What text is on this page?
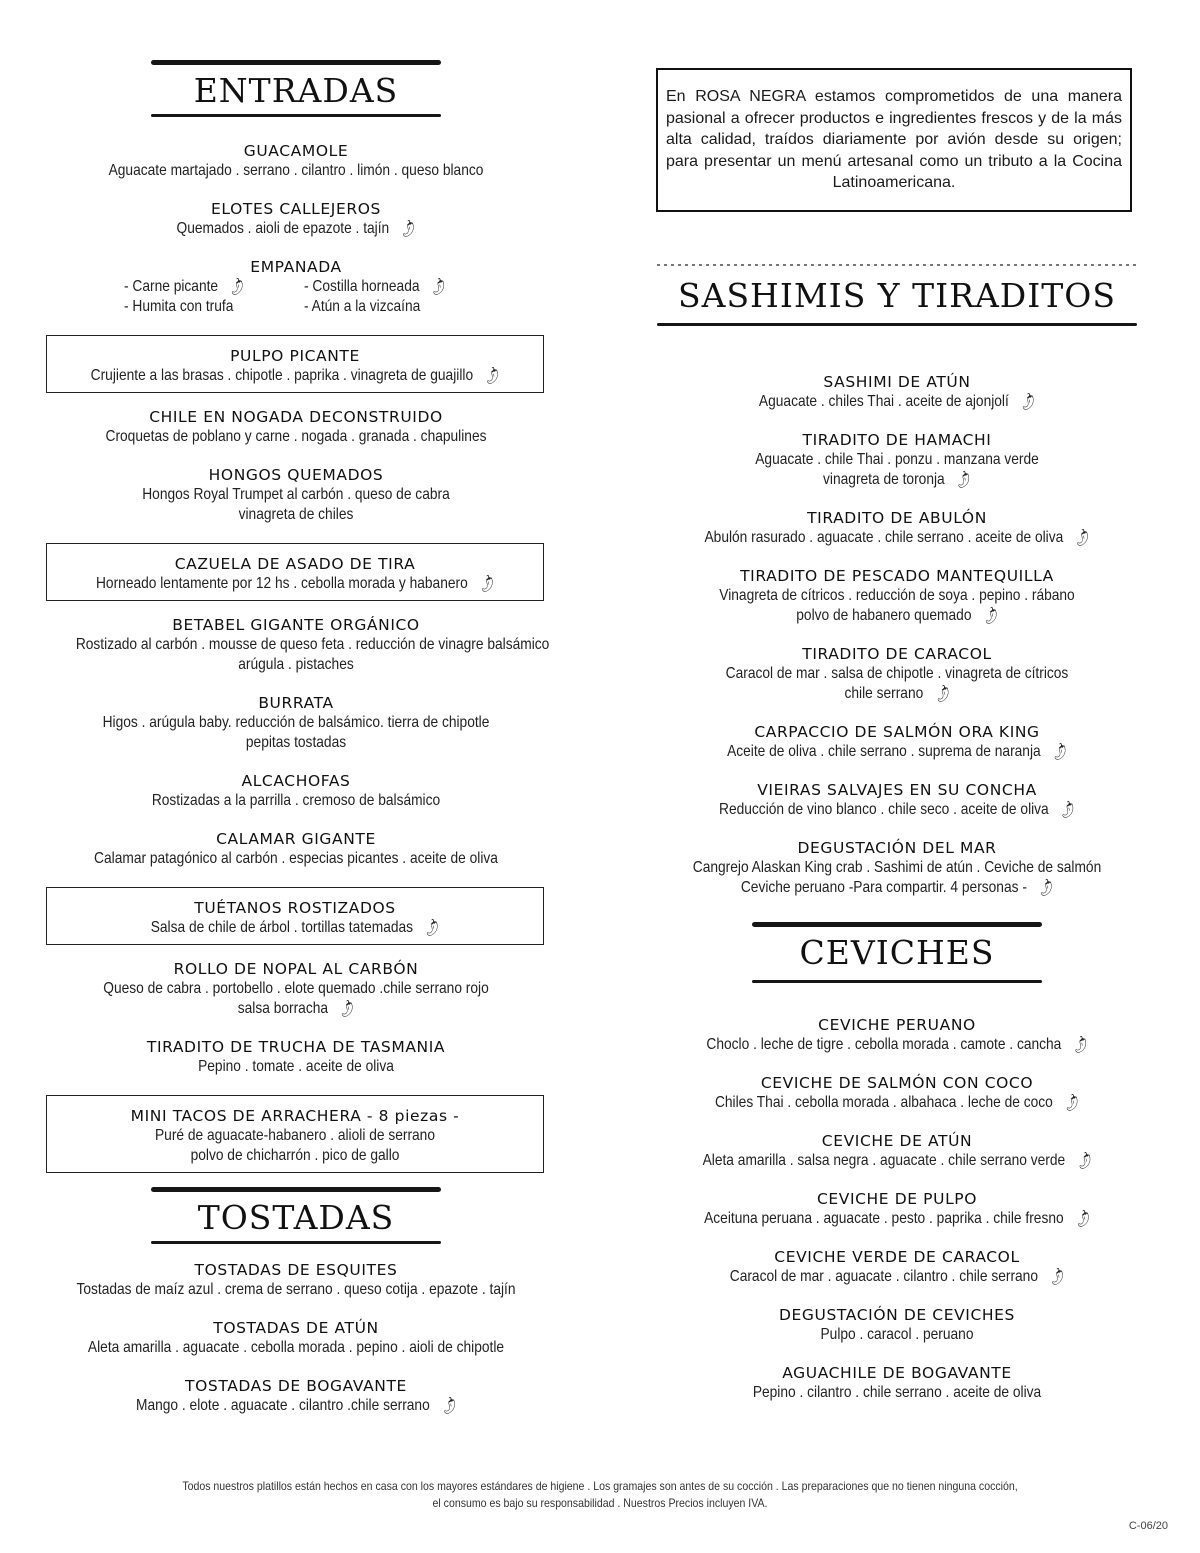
ENTRADAS
GUACAMOLE
Aguacate martajado . serrano . cilantro . limón . queso blanco
ELOTES CALLEJEROS
Quemados . aioli de epazote . tajín 🌶
EMPANADA
- Carne picante 🌶
- Humita con trufa
- Costilla horneada 🌶
- Atún a la vizcaína
PULPO PICANTE
Crujiente a las brasas . chipotle . paprika . vinagreta de guajillo 🌶
CHILE EN NOGADA DECONSTRUIDO
Croquetas de poblano y carne . nogada . granada . chapulines
HONGOS QUEMADOS
Hongos Royal Trumpet al carbón . queso de cabra
vinagreta de chiles
CAZUELA DE ASADO DE TIRA
Horneado lentamente por 12 hs . cebolla morada y habanero 🌶
BETABEL GIGANTE ORGÁNICO
Rostizado al carbón . mousse de queso feta . reducción de vinagre balsámico
arúgula . pistaches
BURRATA
Higos . arúgula baby. reducción de balsámico. tierra de chipotle
pepitas tostadas
ALCACHOFAS
Rostizadas a la parrilla . cremoso de balsámico
CALAMAR GIGANTE
Calamar patagónico al carbón . especias picantes . aceite de oliva
TUÉTANOS ROSTIZADOS
Salsa de chile de árbol . tortillas tatemadas 🌶
ROLLO DE NOPAL AL CARBÓN
Queso de cabra . portobello . elote quemado .chile serrano rojo
salsa borracha 🌶
TIRADITO DE TRUCHA DE TASMANIA
Pepino . tomate . aceite de oliva
MINI TACOS DE ARRACHERA - 8 piezas -
Puré de aguacate-habanero . alioli de serrano
polvo de chicharrón . pico de gallo
TOSTADAS
TOSTADAS DE ESQUITES
Tostadas de maíz azul . crema de serrano . queso cotija . epazote . tajín
TOSTADAS DE ATÚN
Aleta amarilla . aguacate . cebolla morada . pepino . aioli de chipotle
TOSTADAS DE BOGAVANTE
Mango . elote . aguacate . cilantro .chile serrano 🌶
En ROSA NEGRA estamos comprometidos de una manera pasional a ofrecer productos e ingredientes frescos y de la más alta calidad, traídos diariamente por avión desde su origen; para presentar un menú artesanal como un tributo a la Cocina Latinoamericana.
SASHIMIS Y TIRADITOS
SASHIMI DE ATÚN
Aguacate . chiles Thai . aceite de ajonjolí 🌶
TIRADITO DE HAMACHI
Aguacate . chile Thai . ponzu . manzana verde
vinagreta de toronja 🌶
TIRADITO DE ABULÓN
Abulón rasurado . aguacate . chile serrano . aceite de oliva 🌶
TIRADITO DE PESCADO MANTEQUILLA
Vinagreta de cítricos . reducción de soya . pepino . rábano
polvo de habanero quemado 🌶
TIRADITO DE CARACOL
Caracol de mar . salsa de chipotle . vinagreta de cítricos
chile serrano 🌶
CARPACCIO DE SALMÓN ORA KING
Aceite de oliva . chile serrano . suprema de naranja 🌶
VIEIRAS SALVAJES EN SU CONCHA
Reducción de vino blanco . chile seco . aceite de oliva 🌶
DEGUSTACIÓN DEL MAR
Cangrejo Alaskan King crab . Sashimi de atún . Ceviche de salmón
Ceviche peruano -Para compartir. 4 personas - 🌶
CEVICHES
CEVICHE PERUANO
Choclo . leche de tigre . cebolla morada . camote . cancha 🌶
CEVICHE DE SALMÓN CON COCO
Chiles Thai . cebolla morada . albahaca . leche de coco 🌶
CEVICHE DE ATÚN
Aleta amarilla . salsa negra . aguacate . chile serrano verde 🌶
CEVICHE DE PULPO
Aceituna peruana . aguacate . pesto . paprika . chile fresno 🌶
CEVICHE VERDE DE CARACOL
Caracol de mar . aguacate . cilantro . chile serrano 🌶
DEGUSTACIÓN DE CEVICHES
Pulpo . caracol . peruano
AGUACHILE DE BOGAVANTE
Pepino . cilantro . chile serrano . aceite de oliva
Todos nuestros platillos están hechos en casa con los mayores estándares de higiene . Los gramajes son antes de su cocción . Las preparaciones que no tienen ninguna cocción,
el consumo es bajo su responsabilidad . Nuestros Precios incluyen IVA.
C-06/20
